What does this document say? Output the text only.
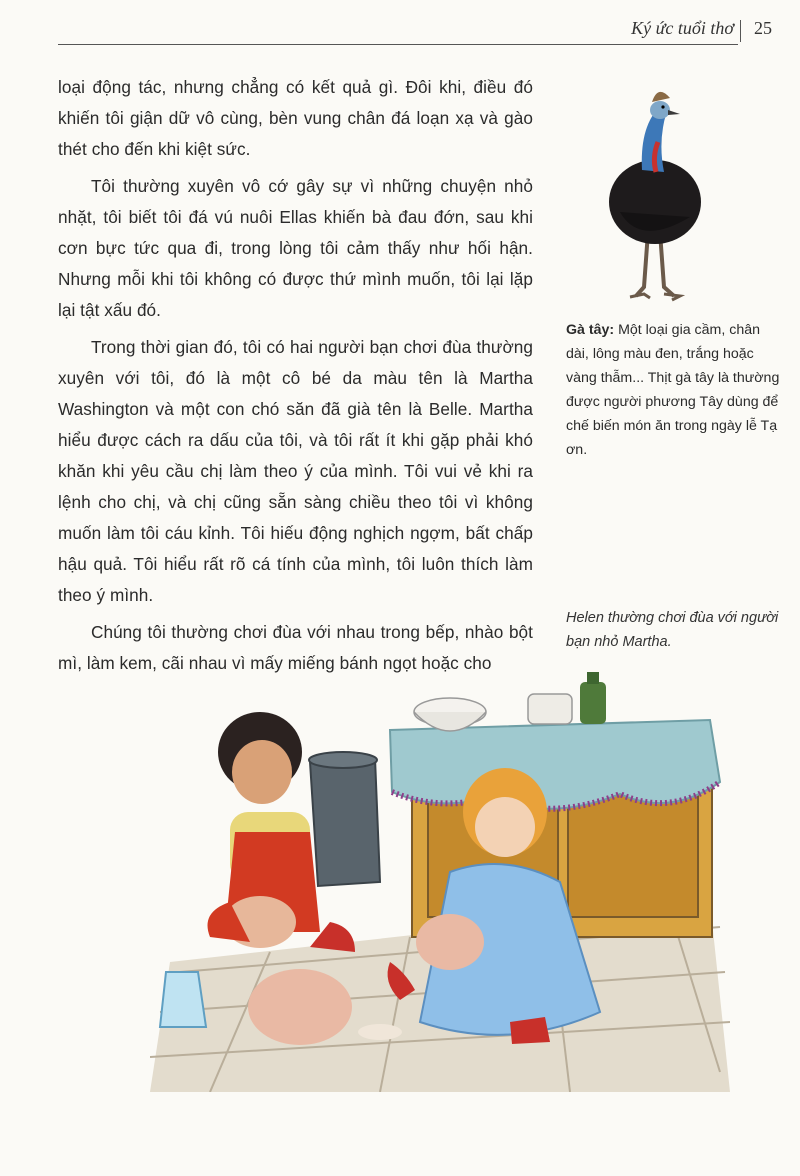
Ký ức tuổi thơ 25

loại động tác, nhưng chẳng có kết quả gì. Đôi khi, điều đó khiến tôi giận dữ vô cùng, bèn vung chân đá loạn xạ và gào thét cho đến khi kiệt sức.

Tôi thường xuyên vô cớ gây sự vì những chuyện nhỏ nhặt, tôi biết tôi đá vú nuôi Ellas khiến bà đau đớn, sau khi cơn bực tức qua đi, trong lòng tôi cảm thấy như hối hận. Nhưng mỗi khi tôi không có được thứ mình muốn, tôi lại lặp lại tật xấu đó.

Trong thời gian đó, tôi có hai người bạn chơi đùa thường xuyên với tôi, đó là một cô bé da màu tên là Martha Washington và một con chó săn đã già tên là Belle. Martha hiểu được cách ra dấu của tôi, và tôi rất ít khi gặp phải khó khăn khi yêu cầu chị làm theo ý của mình. Tôi vui vẻ khi ra lệnh cho chị, và chị cũng sẵn sàng chiều theo tôi vì không muốn làm tôi cáu kỉnh. Tôi hiếu động nghịch ngợm, bất chấp hậu quả. Tôi hiểu rất rõ cá tính của mình, tôi luôn thích làm theo ý mình.

Chúng tôi thường chơi đùa với nhau trong bếp, nhào bột mì, làm kem, cãi nhau vì mấy miếng bánh ngọt hoặc cho

Gà tây: Một loại gia cầm, chân dài, lông màu đen, trắng hoặc vàng thẫm... Thịt gà tây là thường được người phương Tây dùng để chế biến món ăn trong ngày lễ Tạ ơn.
Helen thường chơi đùa với người bạn nhỏ Martha.
